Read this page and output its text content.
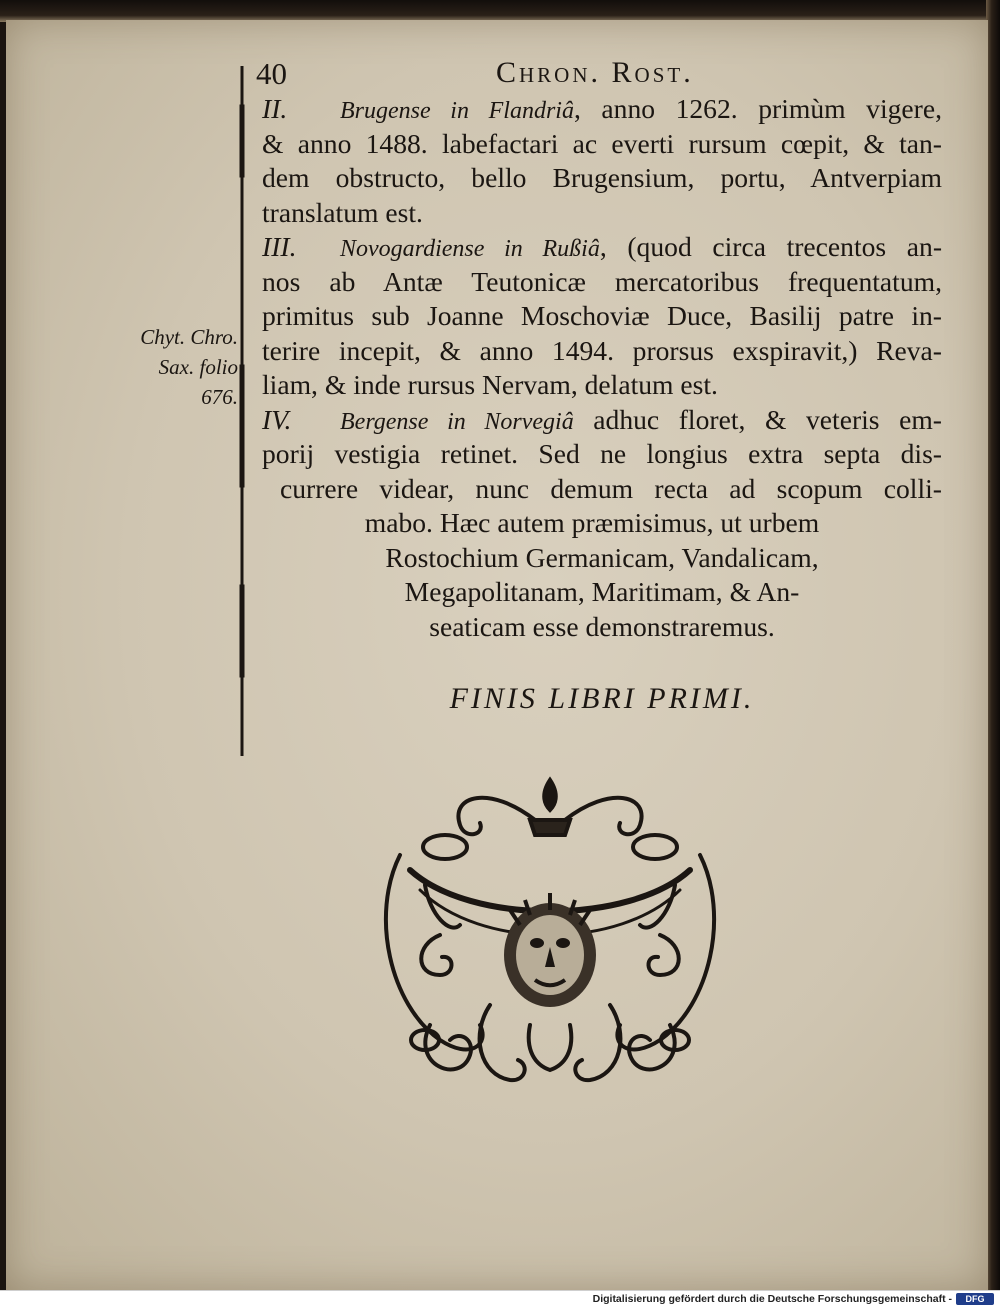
40	Chron. Rost.
Chyt. Chro.
Sax. folio
676.
II. Brugense in Flandriâ, anno 1262. primùm vigere,
& anno 1488. labefactari ac everti rursum cœpit, & tan-
dem obstructo, bello Brugensium, portu, Antverpiam
translatum est.
III. Novogardiense in Rußiâ, (quod circa trecentos an-
nos ab Antæ Teutonicæ mercatoribus frequentatum,
primitus sub Joanne Moschoviæ Duce, Basilij patre in-
terire incepit, & anno 1494. prorsus exspiravit,) Reva-
liam, & inde rursus Nervam, delatum est.
IV. Bergense in Norvegiâ adhuc floret, & veteris em-
porij vestigia retinet. Sed ne longius extra septa dis-
currere videar, nunc demum recta ad scopum colli-
mabo. Hæc autem præmisimus, ut urbem
Rostochium Germanicam, Vandalicam,
Megapolitanam, Maritimam, & An-
seaticam esse demonstraremus.
FINIS LIBRI PRIMI.
Digitalisierung gefördert durch die Deutsche Forschungsgemeinschaft -	DFG
